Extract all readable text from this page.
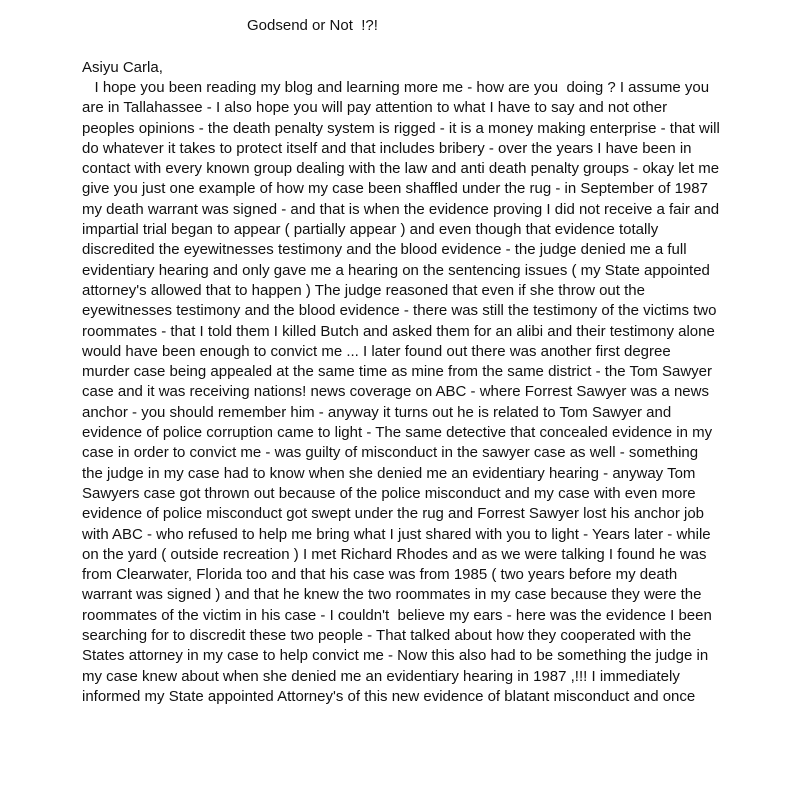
Godsend or Not  !?!
Asiyu Carla,
I hope you been reading my blog and learning more me - how are you  doing ? I assume you
are in Tallahassee - I also hope you will pay attention to what I have to say and not other
peoples opinions - the death penalty system is rigged - it is a money making enterprise - that will
do whatever it takes to protect itself and that includes bribery - over the years I have been in
contact with every known group dealing with the law and anti death penalty groups - okay let me
give you just one example of how my case been shaffled under the rug - in September of 1987
my death warrant was signed - and that is when the evidence proving I did not receive a fair and
impartial trial began to appear ( partially appear ) and even though that evidence totally
discredited the eyewitnesses testimony and the blood evidence - the judge denied me a full
evidentiary hearing and only gave me a hearing on the sentencing issues ( my State appointed
attorney's allowed that to happen ) The judge reasoned that even if she throw out the
eyewitnesses testimony and the blood evidence - there was still the testimony of the victims two
roommates - that I told them I killed Butch and asked them for an alibi and their testimony alone
would have been enough to convict me ... I later found out there was another first degree
murder case being appealed at the same time as mine from the same district - the Tom Sawyer
case and it was receiving nations! news coverage on ABC - where Forrest Sawyer was a news
anchor - you should remember him - anyway it turns out he is related to Tom Sawyer and
evidence of police corruption came to light - The same detective that concealed evidence in my
case in order to convict me - was guilty of misconduct in the sawyer case as well - something
the judge in my case had to know when she denied me an evidentiary hearing - anyway Tom
Sawyers case got thrown out because of the police misconduct and my case with even more
evidence of police misconduct got swept under the rug and Forrest Sawyer lost his anchor job
with ABC - who refused to help me bring what I just shared with you to light - Years later - while
on the yard ( outside recreation ) I met Richard Rhodes and as we were talking I found he was
from Clearwater, Florida too and that his case was from 1985 ( two years before my death
warrant was signed ) and that he knew the two roommates in my case because they were the
roommates of the victim in his case - I couldn't  believe my ears - here was the evidence I been
searching for to discredit these two people - That talked about how they cooperated with the
States attorney in my case to help convict me - Now this also had to be something the judge in
my case knew about when she denied me an evidentiary hearing in 1987 ,!!! I immediately
informed my State appointed Attorney's of this new evidence of blatant misconduct and once
